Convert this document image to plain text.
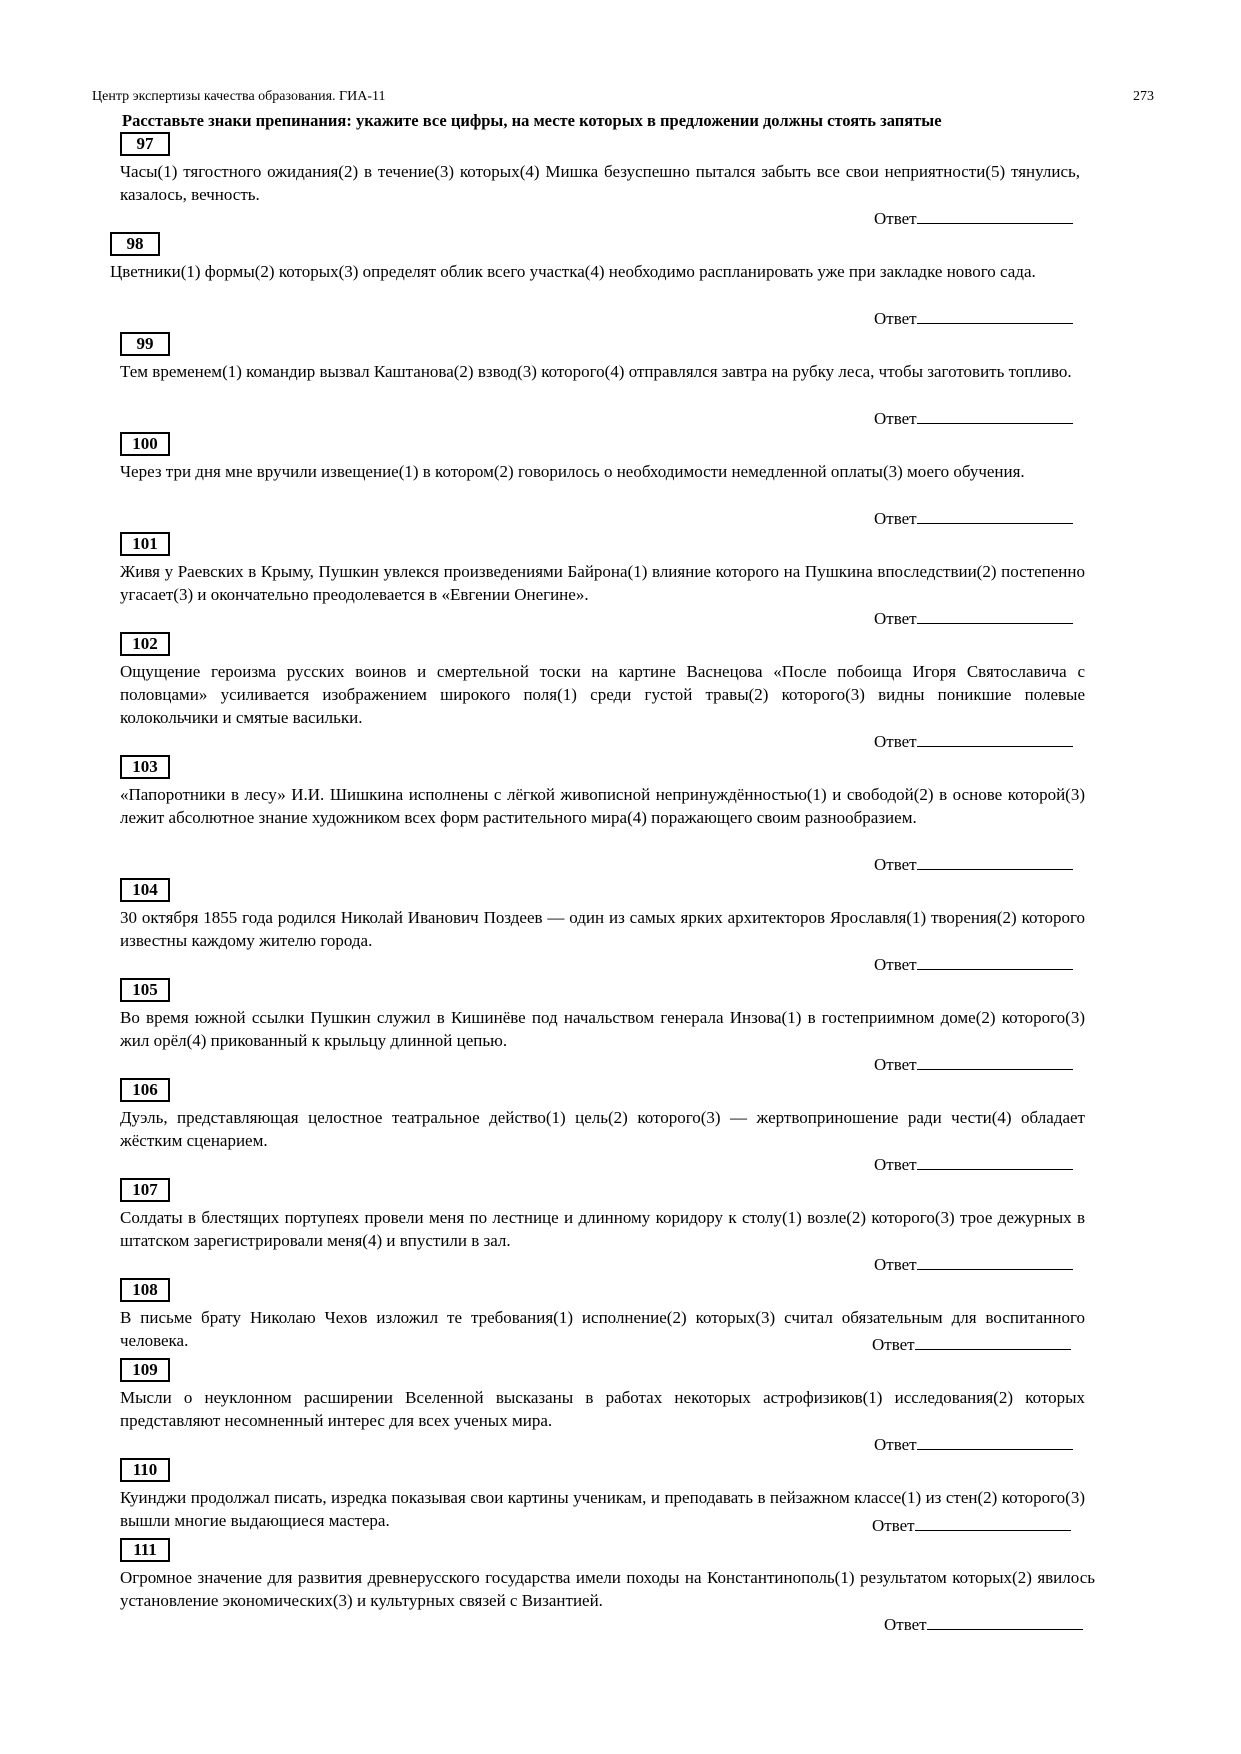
Центр экспертизы качества образования. ГИА-11	273
Расставьте знаки препинания: укажите все цифры, на месте которых в предложении должны стоять запятые
97

Часы(1) тягостного ожидания(2) в течение(3) которых(4) Мишка безуспешно пытался забыть все свои неприятности(5) тянулись, казалось, вечность.

Ответ
98

Цветники(1) формы(2) которых(3) определят облик всего участка(4) необходимо распланировать уже при закладке нового сада.

Ответ
99

Тем временем(1) командир вызвал Каштанова(2) взвод(3) которого(4) отправлялся завтра на рубку леса, чтобы заготовить топливо.

Ответ
100

Через три дня мне вручили извещение(1) в котором(2) говорилось о необходимости немедленной оплаты(3) моего обучения.

Ответ
101

Живя у Раевских в Крыму, Пушкин увлекся произведениями Байрона(1) влияние которого на Пушкина впоследствии(2) постепенно угасает(3) и окончательно преодолевается в «Евгении Онегине».

Ответ
102

Ощущение героизма русских воинов и смертельной тоски на картине Васнецова «После побоища Игоря Святославича с половцами» усиливается изображением широкого поля(1) среди густой травы(2) которого(3) видны поникшие полевые колокольчики и смятые васильки.

Ответ
103

«Папоротники в лесу» И.И. Шишкина исполнены с лёгкой живописной непринуждённостью(1) и свободой(2) в основе которой(3) лежит абсолютное знание художником всех форм растительного мира(4) поражающего своим разнообразием.

Ответ
104

30 октября 1855 года родился Николай Иванович Поздеев — один из самых ярких архитекторов Ярославля(1) творения(2) которого известны каждому жителю города.

Ответ
105

Во время южной ссылки Пушкин служил в Кишинёве под начальством генерала Инзова(1) в гостеприимном доме(2) которого(3) жил орёл(4) прикованный к крыльцу длинной цепью.

Ответ
106

Дуэль, представляющая целостное театральное действо(1) цель(2) которого(3) — жертвоприношение ради чести(4) обладает жёстким сценарием.

Ответ
107

Солдаты в блестящих портупеях провели меня по лестнице и длинному коридору к столу(1) возле(2) которого(3) трое дежурных в штатском зарегистрировали меня(4) и впустили в зал.

Ответ
108

В письме брату Николаю Чехов изложил те требования(1) исполнение(2) которых(3) считал обязательным для воспитанного человека.	Ответ
109

Мысли о неуклонном расширении Вселенной высказаны в работах некоторых астрофизиков(1) исследования(2) которых представляют несомненный интерес для всех ученых мира.

Ответ
110

Куинджи продолжал писать, изредка показывая свои картины ученикам, и преподавать в пейзажном классе(1) из стен(2) которого(3) вышли многие выдающиеся мастера.	Ответ
111

Огромное значение для развития древнерусского государства имели походы на Константинополь(1) результатом которых(2) явилось установление экономических(3) и культурных связей с Византией.

Ответ
